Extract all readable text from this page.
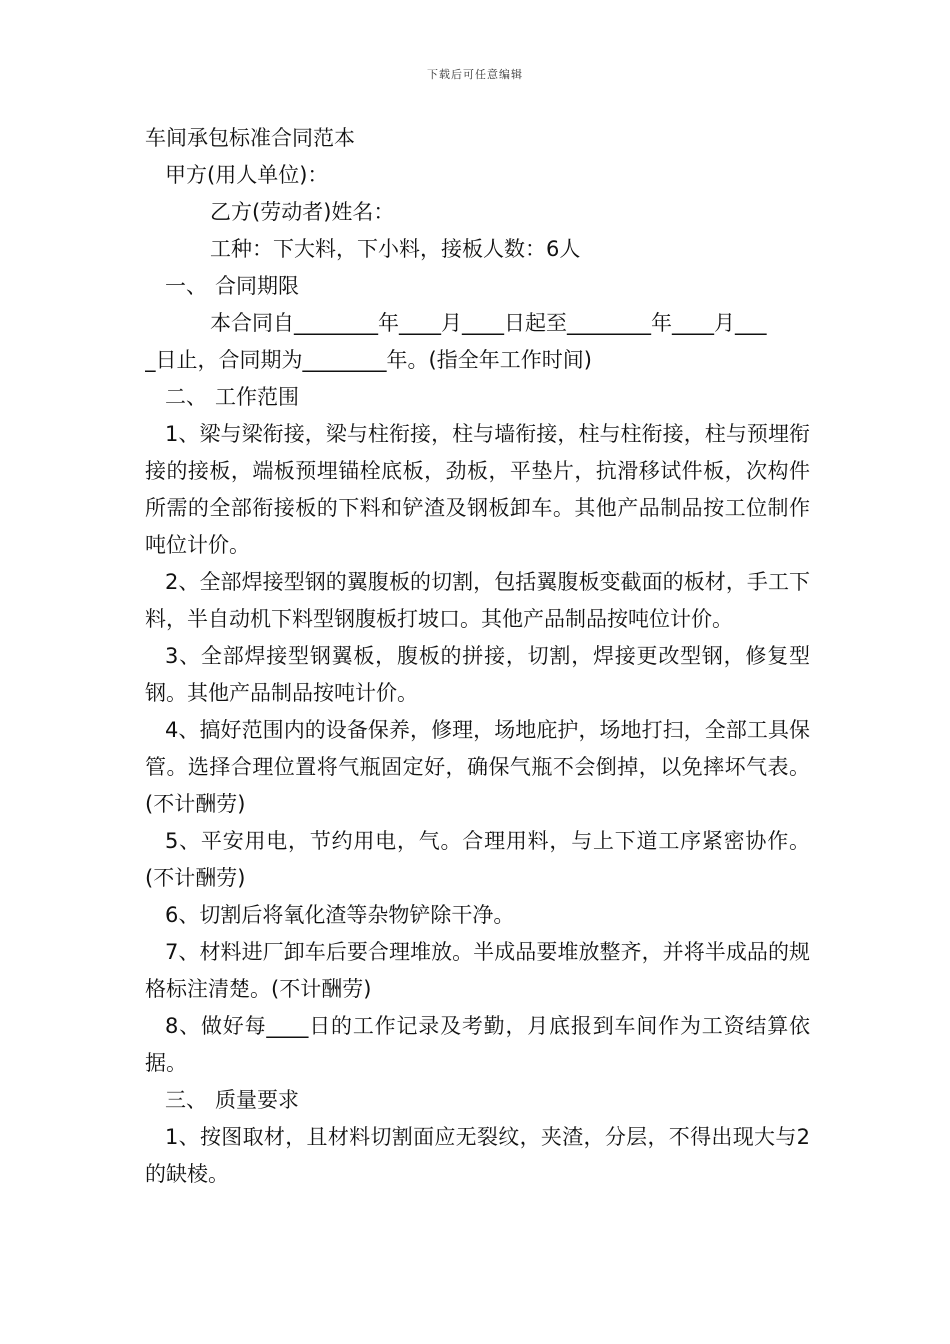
下载后可任意编辑
车间承包标准合同范本
甲方(用人单位)：
乙方(劳动者)姓名：
工种：下大料，下小料，接板人数：6人
一、 合同期限
本合同自________年____月____日起至________年____月___
_日止，合同期为________年。(指全年工作时间)
二、 工作范围

1、梁与梁衔接，梁与柱衔接，柱与墙衔接，柱与柱衔接，柱与预埋衔接的接板，端板预埋锚栓底板，劲板，平垫片，抗滑移试件板，次构件所需的全部衔接板的下料和铲渣及钢板卸车。其他产品制品按工位制作吨位计价。

2、全部焊接型钢的翼腹板的切割，包括翼腹板变截面的板材，手工下料，半自动机下料型钢腹板打坡口。其他产品制品按吨位计价。

3、全部焊接型钢翼板，腹板的拼接，切割，焊接更改型钢，修复型钢。其他产品制品按吨计价。

4、搞好范围内的设备保养，修理，场地庇护，场地打扫，全部工具保管。选择合理位置将气瓶固定好，确保气瓶不会倒掉，以免摔坏气表。(不计酬劳)

5、平安用电，节约用电，气。合理用料，与上下道工序紧密协作。(不计酬劳)

6、切割后将氧化渣等杂物铲除干净。

7、材料进厂卸车后要合理堆放。半成品要堆放整齐，并将半成品的规格标注清楚。(不计酬劳)

8、做好每____日的工作记录及考勤，月底报到车间作为工资结算依据。

三、 质量要求

1、按图取材，且材料切割面应无裂纹，夹渣，分层，不得出现大与2的缺棱。
